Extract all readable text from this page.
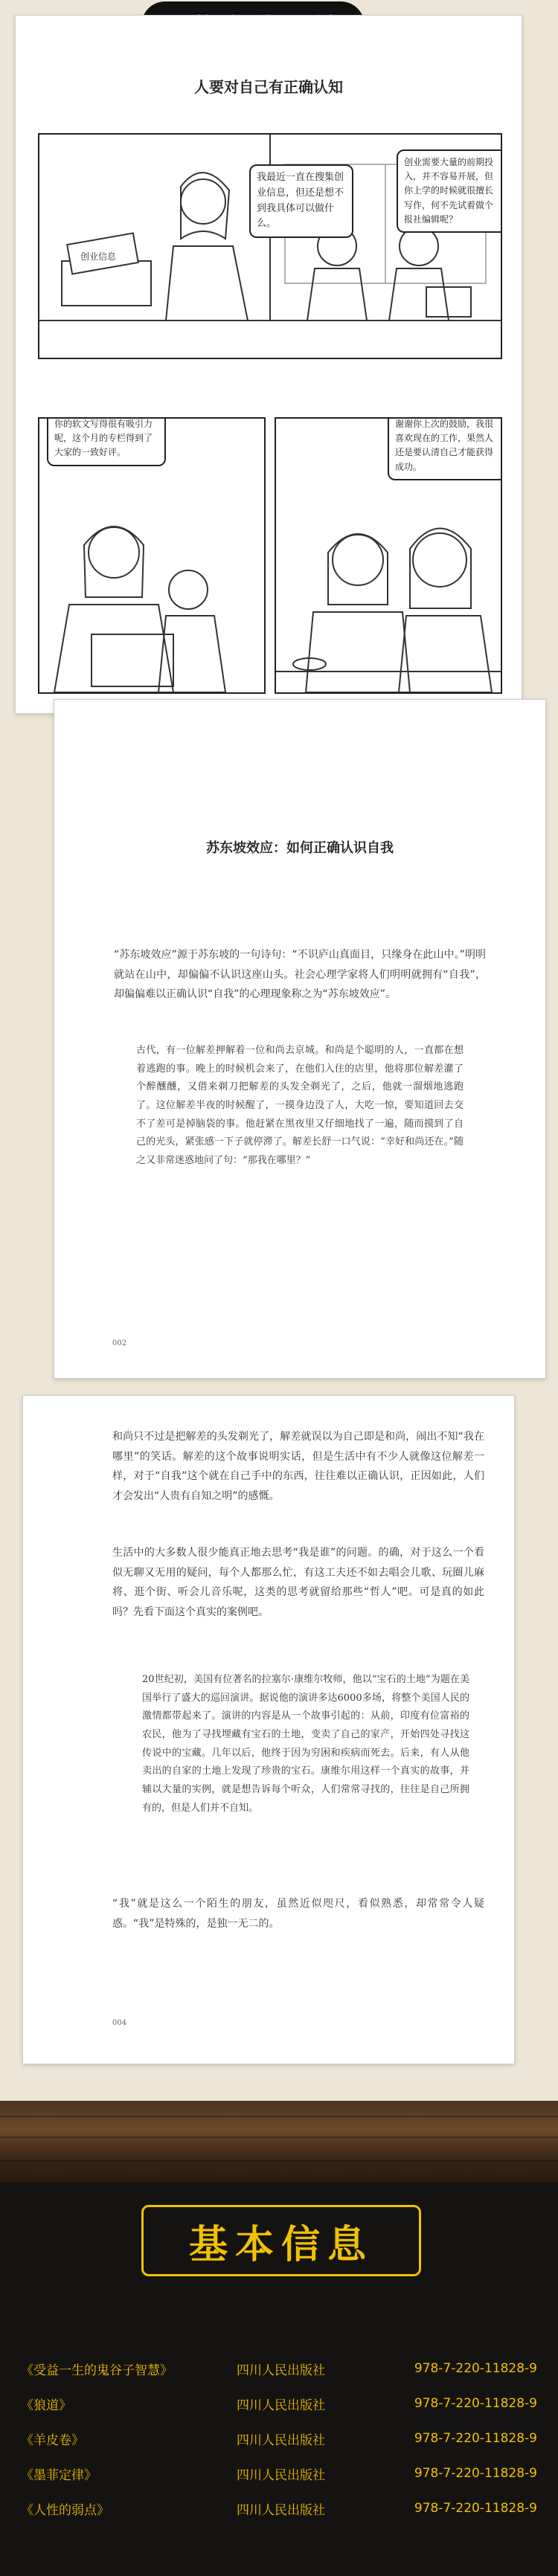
人要对自己有正确认知
创业信息
我最近一直在搜集创业信息，但还是想不到我具体可以做什么。
创业需要大量的前期投入，并不容易开展，但你上学的时候就很擅长写作，何不先试着做个报社编辑呢？
你的软文写得很有吸引力呢，这个月的专栏得到了大家的一致好评。
谢谢你上次的鼓励，我很喜欢现在的工作，果然人还是要认清自己才能获得成功。
苏东坡效应：如何正确认识自我
“苏东坡效应”源于苏东坡的一句诗句：“不识庐山真面目，只缘身在此山中。”明明就站在山中，却偏偏不认识这座山头。社会心理学家将人们明明就拥有“自我”，却偏偏难以正确认识“自我”的心理现象称之为“苏东坡效应”。
古代，有一位解差押解着一位和尚去京城。和尚是个聪明的人，一直都在想着逃跑的事。晚上的时候机会来了，在他们入住的店里，他将那位解差灌了个醉醺醺，又借来剃刀把解差的头发全剃光了，之后，他就一溜烟地逃跑了。这位解差半夜的时候醒了，一摸身边没了人，大吃一惊，要知道回去交不了差可是掉脑袋的事。他赶紧在黑夜里又仔细地找了一遍，随而摸到了自己的光头，紧张感一下子就停滞了。解差长舒一口气说：“幸好和尚还在。”随之又非常迷惑地问了句：“那我在哪里？”
002
和尚只不过是把解差的头发剃光了，解差就误以为自己即是和尚，闹出不知“我在哪里”的笑话。解差的这个故事说明实话，但是生活中有不少人就像这位解差一样，对于“自我”这个就在自己手中的东西，往往难以正确认识，正因如此，人们才会发出“人贵有自知之明”的感慨。
生活中的大多数人很少能真正地去思考“我是谁”的问题。的确，对于这么一个看似无聊又无用的疑问，每个人都那么忙，有这工夫还不如去唱会儿歌、玩圈儿麻将、逛个街、听会儿音乐呢，这类的思考就留给那些“哲人”吧。可是真的如此吗？先看下面这个真实的案例吧。
20世纪初，美国有位著名的拉塞尔·康维尔牧师，他以“宝石的土地”为题在美国举行了盛大的巡回演讲。据说他的演讲多达6000多场，将整个美国人民的激情都带起来了。演讲的内容是从一个故事引起的：从前，印度有位富裕的农民，他为了寻找埋藏有宝石的土地，变卖了自己的家产，开始四处寻找这传说中的宝藏。几年以后，他终于因为穷困和疾病而死去。后来，有人从他卖出的自家的土地上发现了珍贵的宝石。康维尔用这样一个真实的故事，并辅以大量的实例，就是想告诉每个听众，人们常常寻找的，往往是自己所拥有的，但是人们并不自知。
“我”就是这么一个陌生的朋友，虽然近似咫尺，看似熟悉，却常常令人疑惑。“我”是特殊的，是独一无二的。
004
基本信息
《受益一生的鬼谷子智慧》	四川人民出版社	978-7-220-11828-9
《狼道》	四川人民出版社	978-7-220-11828-9
《羊皮卷》	四川人民出版社	978-7-220-11828-9
《墨菲定律》	四川人民出版社	978-7-220-11828-9
《人性的弱点》	四川人民出版社	978-7-220-11828-9
